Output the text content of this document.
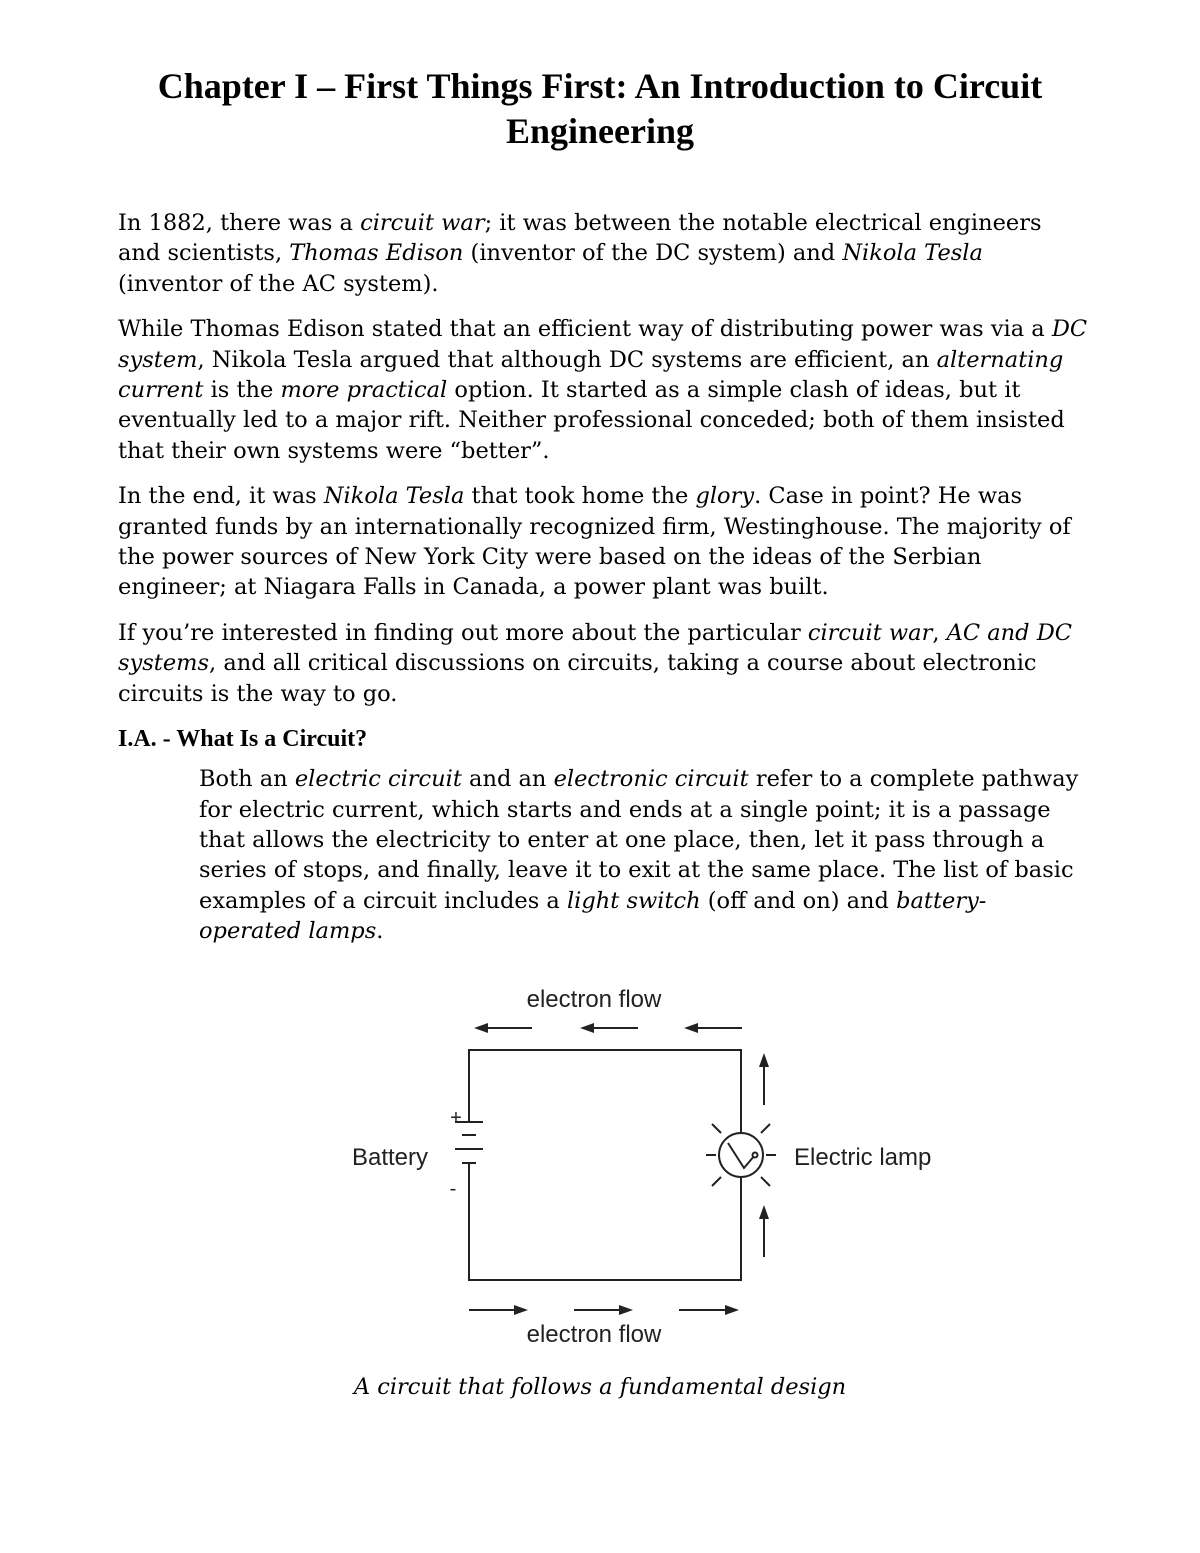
Chapter I – First Things First: An Introduction to Circuit Engineering

In 1882, there was a circuit war; it was between the notable electrical engineers and scientists, Thomas Edison (inventor of the DC system) and Nikola Tesla (inventor of the AC system).

While Thomas Edison stated that an efficient way of distributing power was via a DC system, Nikola Tesla argued that although DC systems are efficient, an alternating current is the more practical option. It started as a simple clash of ideas, but it eventually led to a major rift. Neither professional conceded; both of them insisted that their own systems were “better”.

In the end, it was Nikola Tesla that took home the glory. Case in point? He was granted funds by an internationally recognized firm, Westinghouse. The majority of the power sources of New York City were based on the ideas of the Serbian engineer; at Niagara Falls in Canada, a power plant was built.

If you’re interested in finding out more about the particular circuit war, AC and DC systems, and all critical discussions on circuits, taking a course about electronic circuits is the way to go.

I.A. - What Is a Circuit?

Both an electric circuit and an electronic circuit refer to a complete pathway for electric current, which starts and ends at a single point; it is a passage that allows the electricity to enter at one place, then, let it pass through a series of stops, and finally, leave it to exit at the same place. The list of basic examples of a circuit includes a light switch (off and on) and battery-operated lamps.

electron flow
+
-
Battery	Electric lamp
electron flow
A circuit that follows a fundamental design
